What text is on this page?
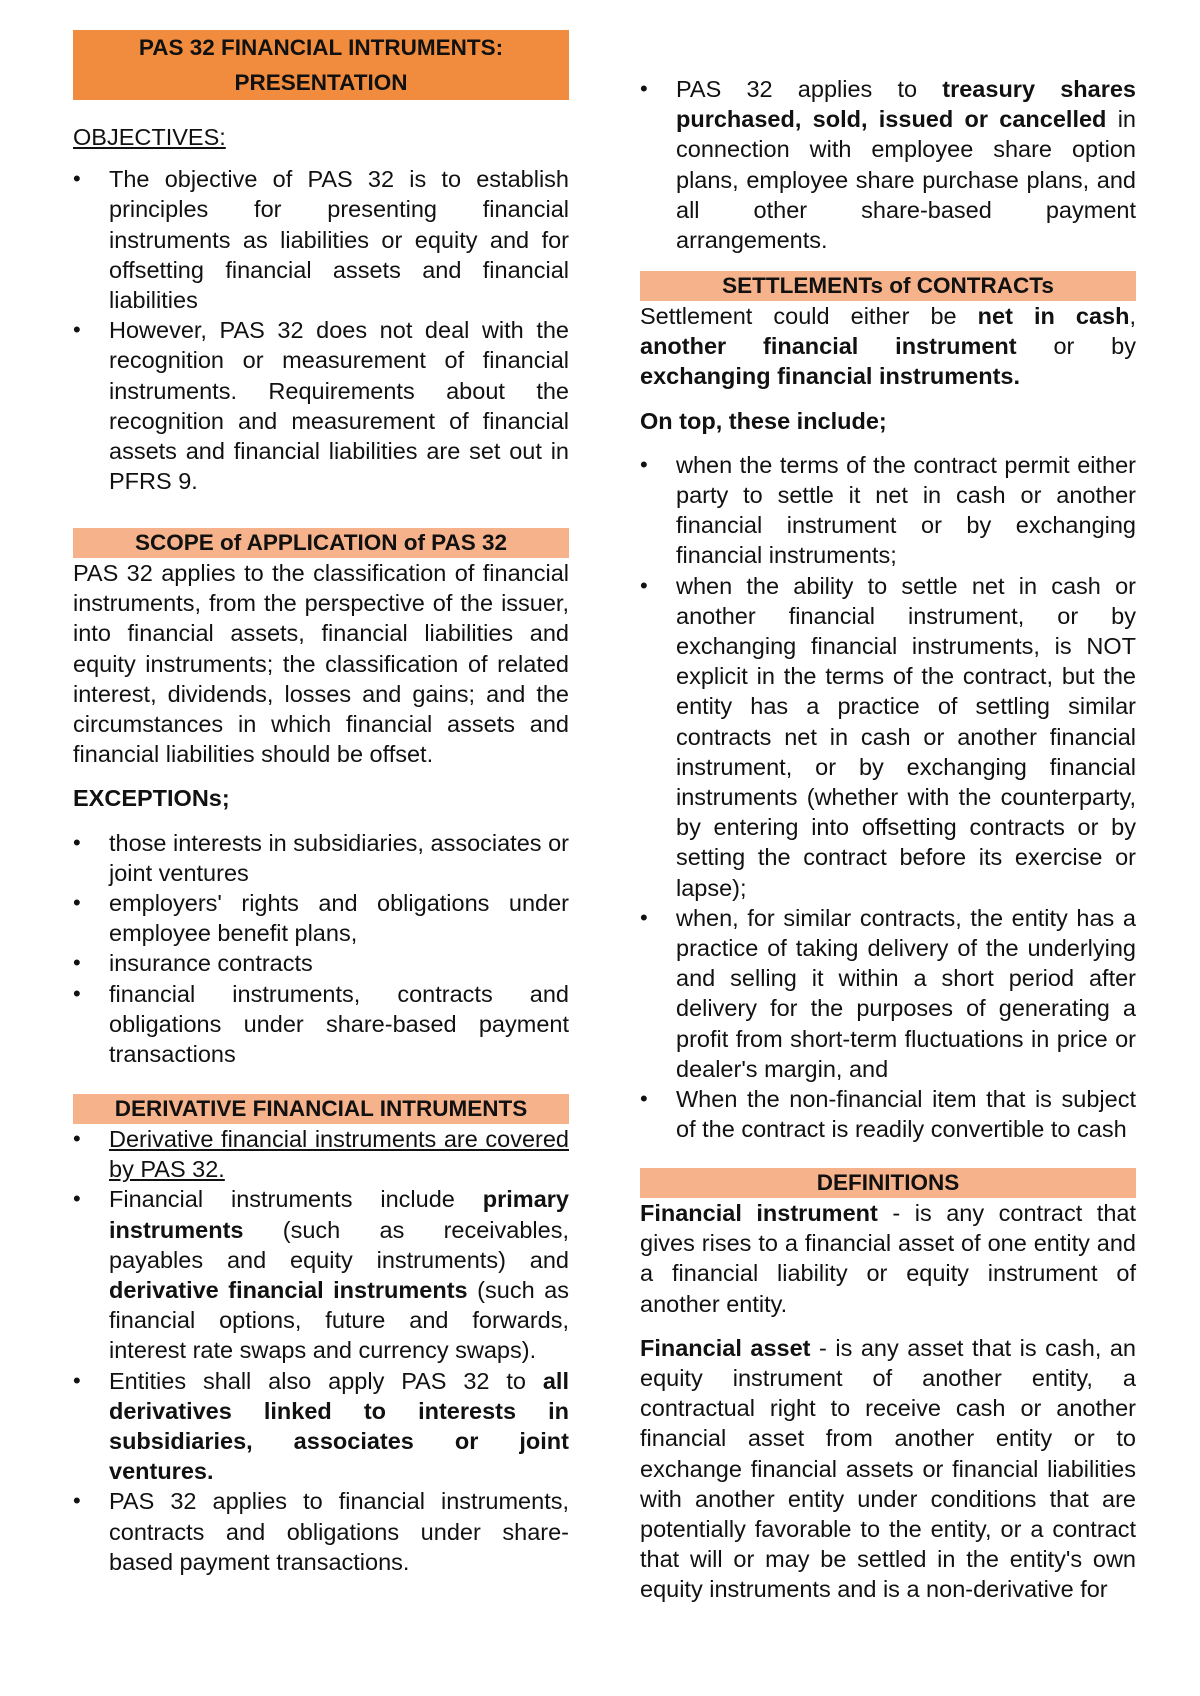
PAS 32 FINANCIAL INTRUMENTS:
PRESENTATION
OBJECTIVES:
• The objective of PAS 32 is to establish principles for presenting financial instruments as liabilities or equity and for offsetting financial assets and financial liabilities
• However, PAS 32 does not deal with the recognition or measurement of financial instruments. Requirements about the recognition and measurement of financial assets and financial liabilities are set out in PFRS 9.
SCOPE of APPLICATION of PAS 32

PAS 32 applies to the classification of financial instruments, from the perspective of the issuer, into financial assets, financial liabilities and equity instruments; the classification of related interest, dividends, losses and gains; and the circumstances in which financial assets and financial liabilities should be offset.

EXCEPTIONs;
• those interests in subsidiaries, associates or joint ventures
• employers' rights and obligations under employee benefit plans,
• insurance contracts
• financial instruments, contracts and obligations under share-based payment transactions
DERIVATIVE FINANCIAL INTRUMENTS
• Derivative financial instruments are covered by PAS 32.
• Financial instruments include primary instruments (such as receivables, payables and equity instruments) and derivative financial instruments (such as financial options, future and forwards, interest rate swaps and currency swaps).
• Entities shall also apply PAS 32 to all derivatives linked to interests in subsidiaries, associates or joint ventures.
• PAS 32 applies to financial instruments, contracts and obligations under share-based payment transactions.
• PAS 32 applies to treasury shares purchased, sold, issued or cancelled in connection with employee share option plans, employee share purchase plans, and all other share-based payment arrangements.
SETTLEMENTs of CONTRACTs

Settlement could either be net in cash, another financial instrument or by exchanging financial instruments.

On top, these include;
• when the terms of the contract permit either party to settle it net in cash or another financial instrument or by exchanging financial instruments;
• when the ability to settle net in cash or another financial instrument, or by exchanging financial instruments, is NOT explicit in the terms of the contract, but the entity has a practice of settling similar contracts net in cash or another financial instrument, or by exchanging financial instruments (whether with the counterparty, by entering into offsetting contracts or by setting the contract before its exercise or lapse);
• when, for similar contracts, the entity has a practice of taking delivery of the underlying and selling it within a short period after delivery for the purposes of generating a profit from short-term fluctuations in price or dealer's margin, and
• When the non-financial item that is subject of the contract is readily convertible to cash
DEFINITIONS

Financial instrument - is any contract that gives rises to a financial asset of one entity and a financial liability or equity instrument of another entity.

Financial asset - is any asset that is cash, an equity instrument of another entity, a contractual right to receive cash or another financial asset from another entity or to exchange financial assets or financial liabilities with another entity under conditions that are potentially favorable to the entity, or a contract that will or may be settled in the entity's own equity instruments and is a non-derivative for
